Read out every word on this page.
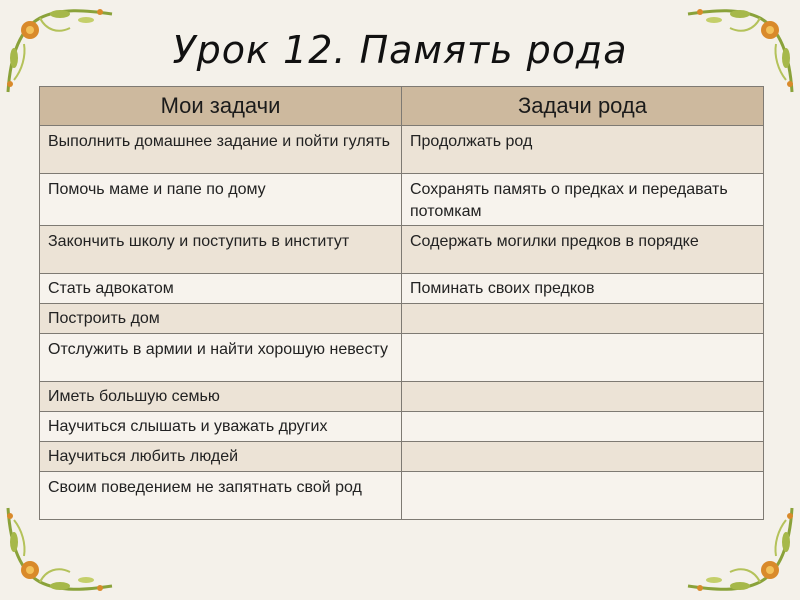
Урок 12. Память рода
Мои задачи	Задачи рода
Выполнить домашнее задание и пойти гулять	Продолжать род
Помочь маме и папе по дому	Сохранять память о предках и передавать потомкам
Закончить школу и поступить в институт	Содержать могилки предков в порядке
Стать адвокатом	Поминать своих предков
Построить дом	
Отслужить в армии и найти хорошую невесту	
Иметь большую семью	
Научиться слышать и уважать других	
Научиться любить людей	
Своим поведением не запятнать свой род	
